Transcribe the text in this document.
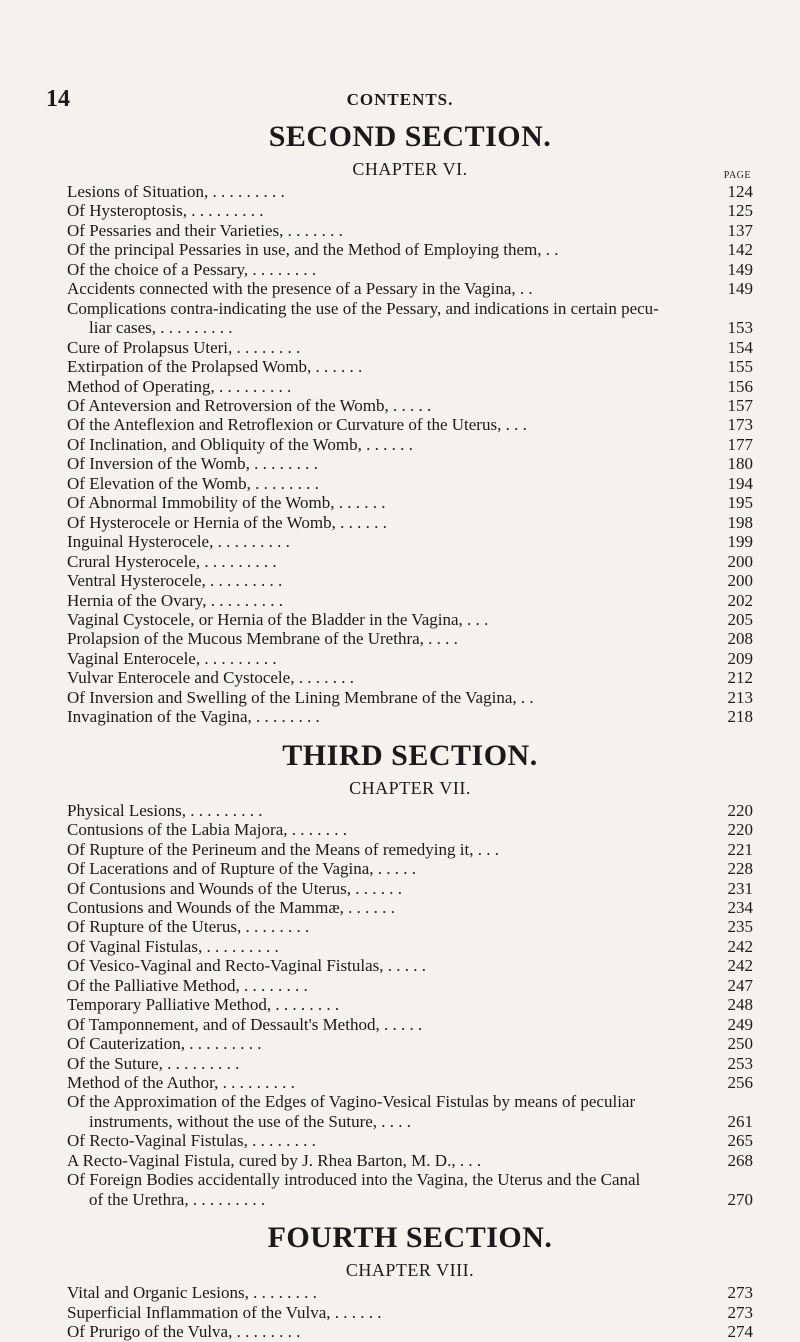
14	CONTENTS.
SECOND SECTION.
CHAPTER VI.	PAGE
Lesions of Situation, . . . . . . . . .	124
Of Hysteroptosis, . . . . . . . . .	125
Of Pessaries and their Varieties, . . . . . . .	137
Of the principal Pessaries in use, and the Method of Employing them, . .	142
Of the choice of a Pessary, . . . . . . . .	149
Accidents connected with the presence of a Pessary in the Vagina, . .	149
Complications contra-indicating the use of the Pessary, and indications in certain pecu-
liar cases, . . . . . . . . .	153
Cure of Prolapsus Uteri, . . . . . . . .	154
Extirpation of the Prolapsed Womb, . . . . . .	155
Method of Operating, . . . . . . . . .	156
Of Anteversion and Retroversion of the Womb, . . . . .	157
Of the Anteflexion and Retroflexion or Curvature of the Uterus, . . .	173
Of Inclination, and Obliquity of the Womb, . . . . . .	177
Of Inversion of the Womb, . . . . . . . .	180
Of Elevation of the Womb, . . . . . . . .	194
Of Abnormal Immobility of the Womb, . . . . . .	195
Of Hysterocele or Hernia of the Womb, . . . . . .	198
Inguinal Hysterocele, . . . . . . . . .	199
Crural Hysterocele, . . . . . . . . .	200
Ventral Hysterocele, . . . . . . . . .	200
Hernia of the Ovary, . . . . . . . . .	202
Vaginal Cystocele, or Hernia of the Bladder in the Vagina, . . .	205
Prolapsion of the Mucous Membrane of the Urethra, . . . .	208
Vaginal Enterocele, . . . . . . . . .	209
Vulvar Enterocele and Cystocele, . . . . . . .	212
Of Inversion and Swelling of the Lining Membrane of the Vagina, . .	213
Invagination of the Vagina, . . . . . . . .	218
THIRD SECTION.
CHAPTER VII.
Physical Lesions, . . . . . . . . .	220
Contusions of the Labia Majora, . . . . . . .	220
Of Rupture of the Perineum and the Means of remedying it, . . .	221
Of Lacerations and of Rupture of the Vagina, . . . . .	228
Of Contusions and Wounds of the Uterus, . . . . . .	231
Contusions and Wounds of the Mammæ, . . . . . .	234
Of Rupture of the Uterus, . . . . . . . .	235
Of Vaginal Fistulas, . . . . . . . . .	242
Of Vesico-Vaginal and Recto-Vaginal Fistulas, . . . . .	242
Of the Palliative Method, . . . . . . . .	247
Temporary Palliative Method, . . . . . . . .	248
Of Tamponnement, and of Dessault's Method, . . . . .	249
Of Cauterization, . . . . . . . . .	250
Of the Suture, . . . . . . . . .	253
Method of the Author, . . . . . . . . .	256
Of the Approximation of the Edges of Vagino-Vesical Fistulas by means of peculiar
instruments, without the use of the Suture, . . . .	261
Of Recto-Vaginal Fistulas, . . . . . . . .	265
A Recto-Vaginal Fistula, cured by J. Rhea Barton, M. D., . . .	268
Of Foreign Bodies accidentally introduced into the Vagina, the Uterus and the Canal
of the Urethra, . . . . . . . . .	270
FOURTH SECTION.
CHAPTER VIII.
Vital and Organic Lesions, . . . . . . . .	273
Superficial Inflammation of the Vulva, . . . . . .	273
Of Prurigo of the Vulva, . . . . . . . .	274
